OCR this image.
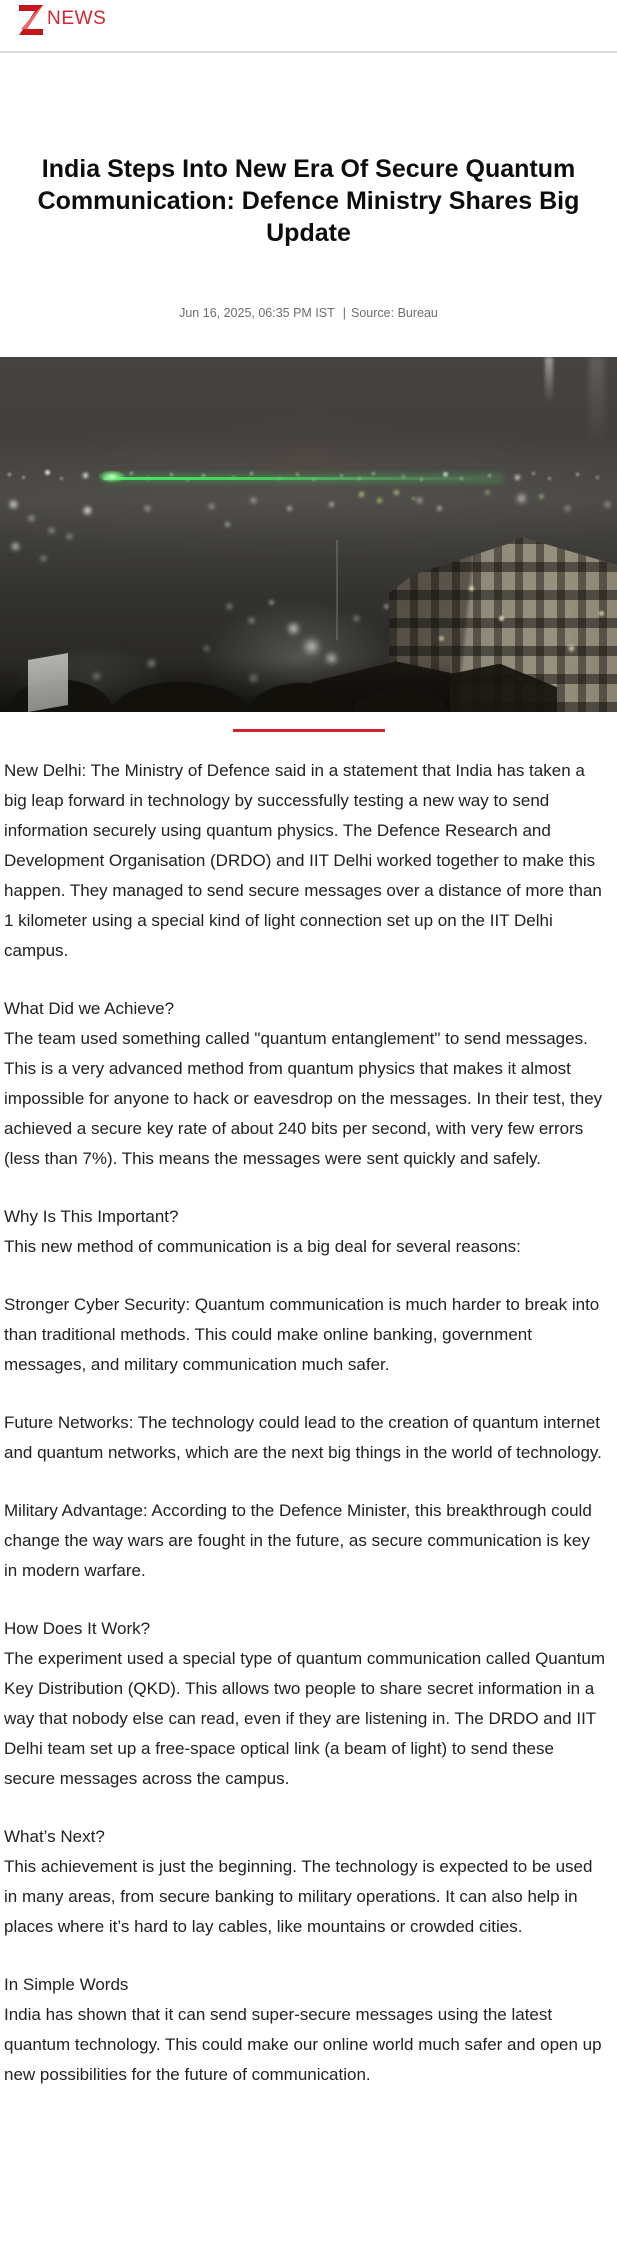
NEWS
India Steps Into New Era Of Secure Quantum Communication: Defence Ministry Shares Big Update
Jun 16, 2025, 06:35 PM IST | Source: Bureau

New Delhi: The Ministry of Defence said in a statement that India has taken a big leap forward in technology by successfully testing a new way to send information securely using quantum physics. The Defence Research and Development Organisation (DRDO) and IIT Delhi worked together to make this happen. They managed to send secure messages over a distance of more than 1 kilometer using a special kind of light connection set up on the IIT Delhi campus.

What Did we Achieve?
The team used something called "quantum entanglement" to send messages. This is a very advanced method from quantum physics that makes it almost impossible for anyone to hack or eavesdrop on the messages. In their test, they achieved a secure key rate of about 240 bits per second, with very few errors (less than 7%). This means the messages were sent quickly and safely.

Why Is This Important?
This new method of communication is a big deal for several reasons:

Stronger Cyber Security: Quantum communication is much harder to break into than traditional methods. This could make online banking, government messages, and military communication much safer.

Future Networks: The technology could lead to the creation of quantum internet and quantum networks, which are the next big things in the world of technology.

Military Advantage: According to the Defence Minister, this breakthrough could change the way wars are fought in the future, as secure communication is key in modern warfare.

How Does It Work?
The experiment used a special type of quantum communication called Quantum Key Distribution (QKD). This allows two people to share secret information in a way that nobody else can read, even if they are listening in. The DRDO and IIT Delhi team set up a free-space optical link (a beam of light) to send these secure messages across the campus.

What’s Next?
This achievement is just the beginning. The technology is expected to be used in many areas, from secure banking to military operations. It can also help in places where it’s hard to lay cables, like mountains or crowded cities.

In Simple Words
India has shown that it can send super-secure messages using the latest quantum technology. This could make our online world much safer and open up new possibilities for the future of communication.
